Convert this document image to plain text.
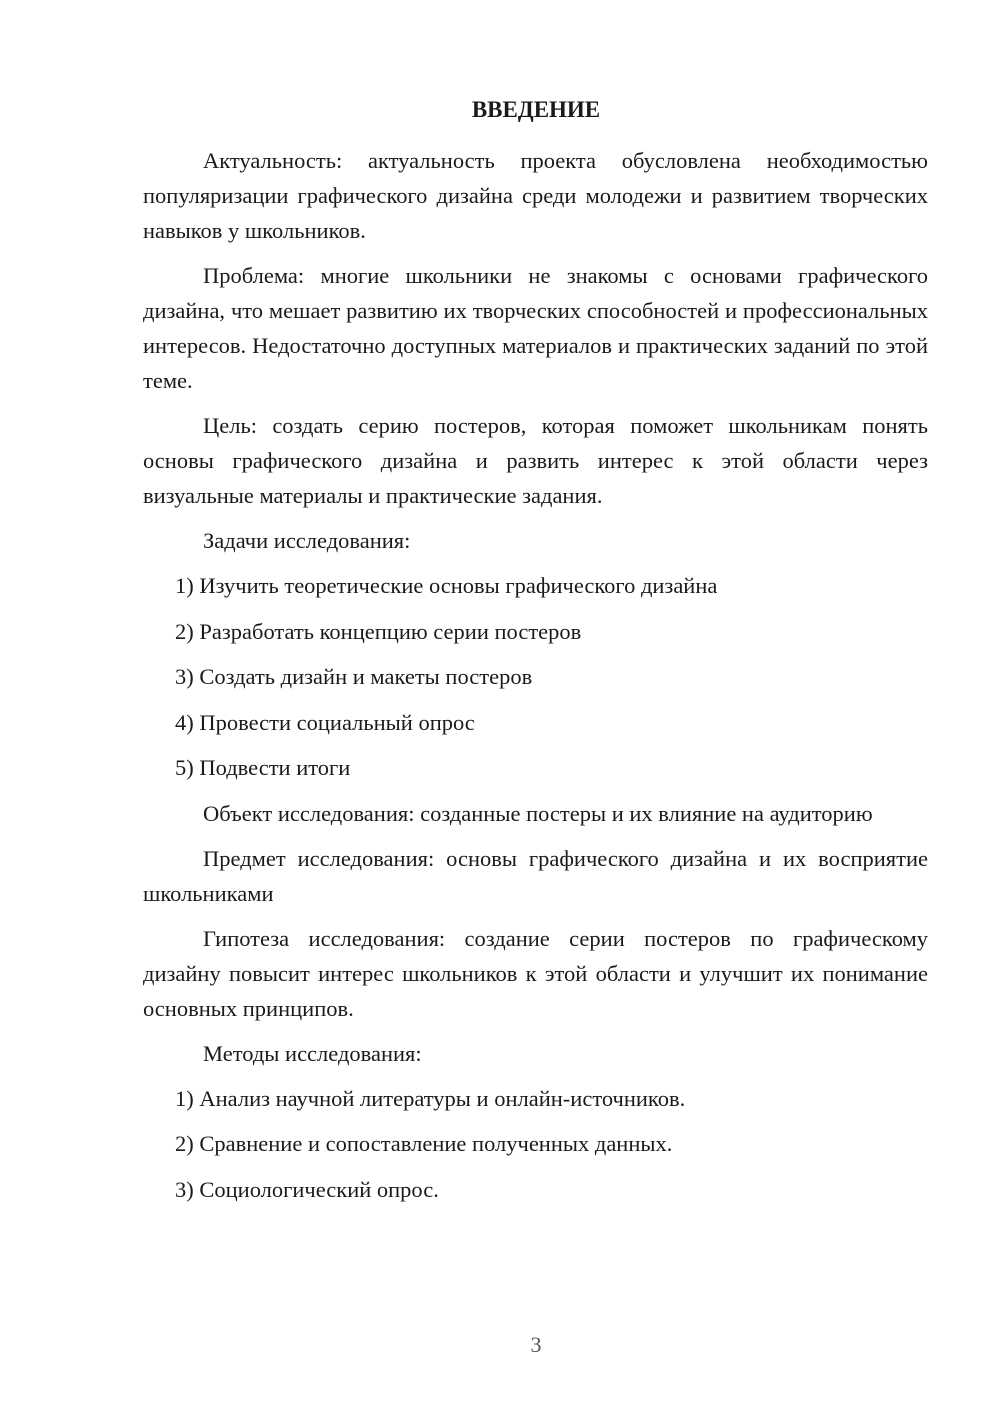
ВВЕДЕНИЕ

Актуальность: актуальность проекта обусловлена необходимостью популяризации графического дизайна среди молодежи и развитием творческих навыков у школьников.

Проблема: многие школьники не знакомы с основами графического дизайна, что мешает развитию их творческих способностей и профессиональных интересов. Недостаточно доступных материалов и практических заданий по этой теме.

Цель: создать серию постеров, которая поможет школьникам понять основы графического дизайна и развить интерес к этой области через визуальные материалы и практические задания.

Задачи исследования:

1) Изучить теоретические основы графического дизайна
2) Разработать концепцию серии постеров
3) Создать дизайн и макеты постеров
4) Провести социальный опрос
5) Подвести итоги

Объект исследования: созданные постеры и их влияние на аудиторию

Предмет исследования: основы графического дизайна и их восприятие школьниками

Гипотеза исследования: создание серии постеров по графическому дизайну повысит интерес школьников к этой области и улучшит их понимание основных принципов.

Методы исследования:

1) Анализ научной литературы и онлайн-источников.
2) Сравнение и сопоставление полученных данных.
3) Социологический опрос.
3
